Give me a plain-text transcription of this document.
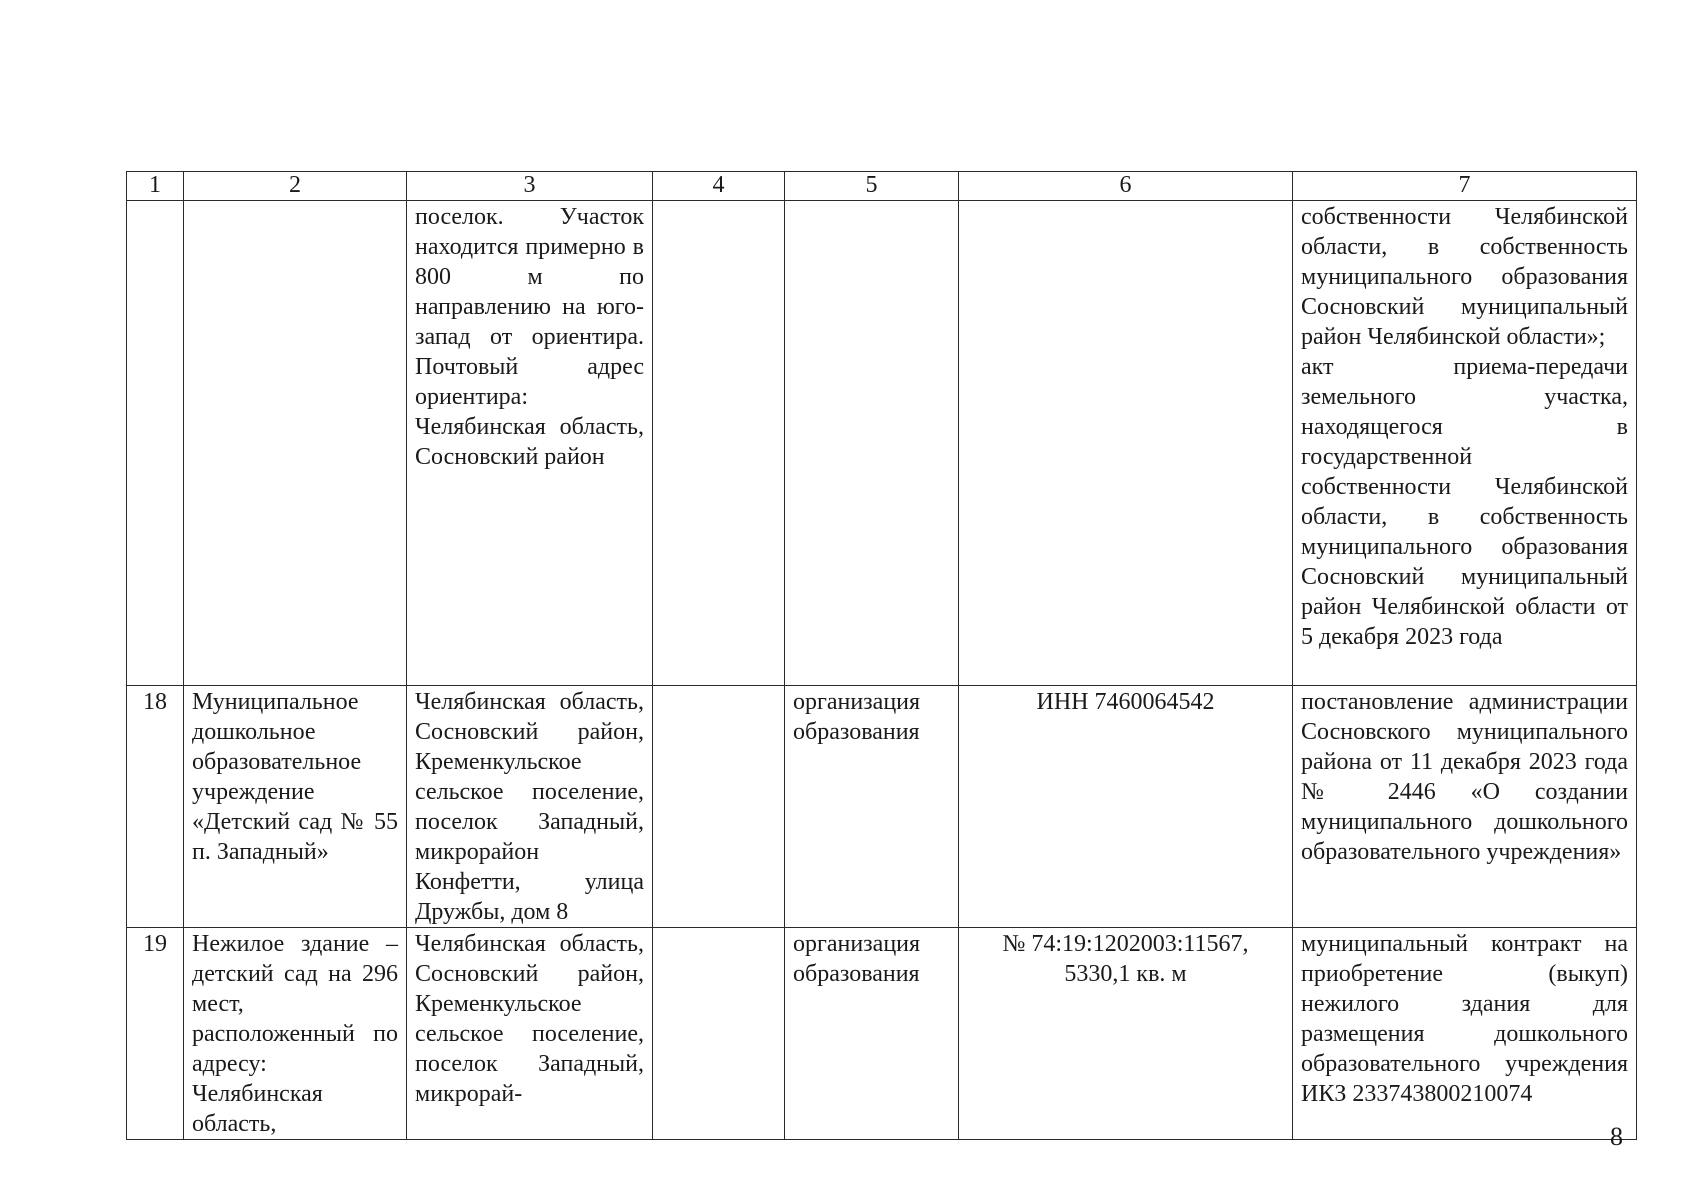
1	2	3	4	5	6	7
		поселок. Участок находится примерно в 800 м по направлению на юго-запад от ориентира. Почтовый адрес ориентира: Челябинская область, Сосновский район				собственности Челябинской области, в собственность муниципального образования Сосновский муниципальный район Челябинской области»;
акт приема-передачи земельного участка, находящегося в государственной собственности Челябинской области, в собственность муниципального образования Сосновский муниципальный район Челябинской области от 5 декабря 2023 года
18	Муниципальное дошкольное образовательное учреждение «Детский сад № 55 п. Западный»	Челябинская область, Сосновский район, Кременкульское сельское поселение, поселок Западный, микрорайон Конфетти, улица Дружбы, дом 8		организация образования	ИНН 7460064542	постановление администрации Сосновского муниципального района от 11 декабря 2023 года № 2446 «О создании муниципального дошкольного образовательного учреждения»
19	Нежилое здание – детский сад на 296 мест, расположенный по адресу: Челябинская область,	Челябинская область, Сосновский район, Кременкульское сельское поселение, поселок Западный, микрорай-		организация образования	№ 74:19:1202003:11567, 5330,1 кв. м	муниципальный контракт на приобретение (выкуп) нежилого здания для размещения дошкольного образовательного учреждения ИКЗ 233743800210074
8
